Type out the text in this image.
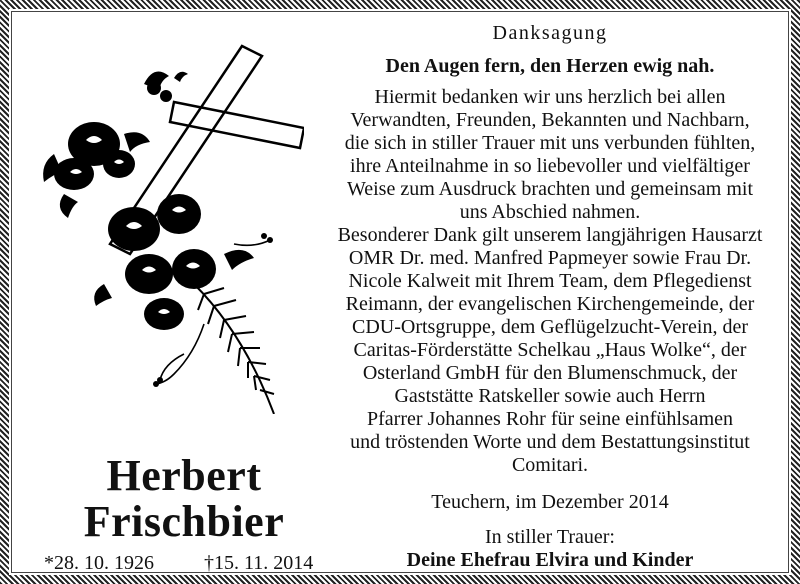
Herbert
Frischbier
*28. 10. 1926	†15. 11. 2014
Danksagung
Den Augen fern, den Herzen ewig nah.
Hiermit bedanken wir uns herzlich bei allen
Verwandten, Freunden, Bekannten und Nachbarn,
die sich in stiller Trauer mit uns verbunden fühlten,
ihre Anteilnahme in so liebevoller und vielfältiger
Weise zum Ausdruck brachten und gemeinsam mit
uns Abschied nahmen.
Besonderer Dank gilt unserem langjährigen Hausarzt
OMR Dr. med. Manfred Papmeyer sowie Frau Dr.
Nicole Kalweit mit Ihrem Team, dem Pflegedienst
Reimann, der evangelischen Kirchengemeinde, der
CDU-Ortsgruppe, dem Geflügelzucht-Verein, der
Caritas-Förderstätte Schelkau „Haus Wolke“, der
Osterland GmbH für den Blumenschmuck, der
Gaststätte Ratskeller sowie auch Herrn
Pfarrer Johannes Rohr für seine einfühlsamen
und tröstenden Worte und dem Bestattungsinstitut
Comitari.
Teuchern, im Dezember 2014
In stiller Trauer:
Deine Ehefrau Elvira und Kinder
